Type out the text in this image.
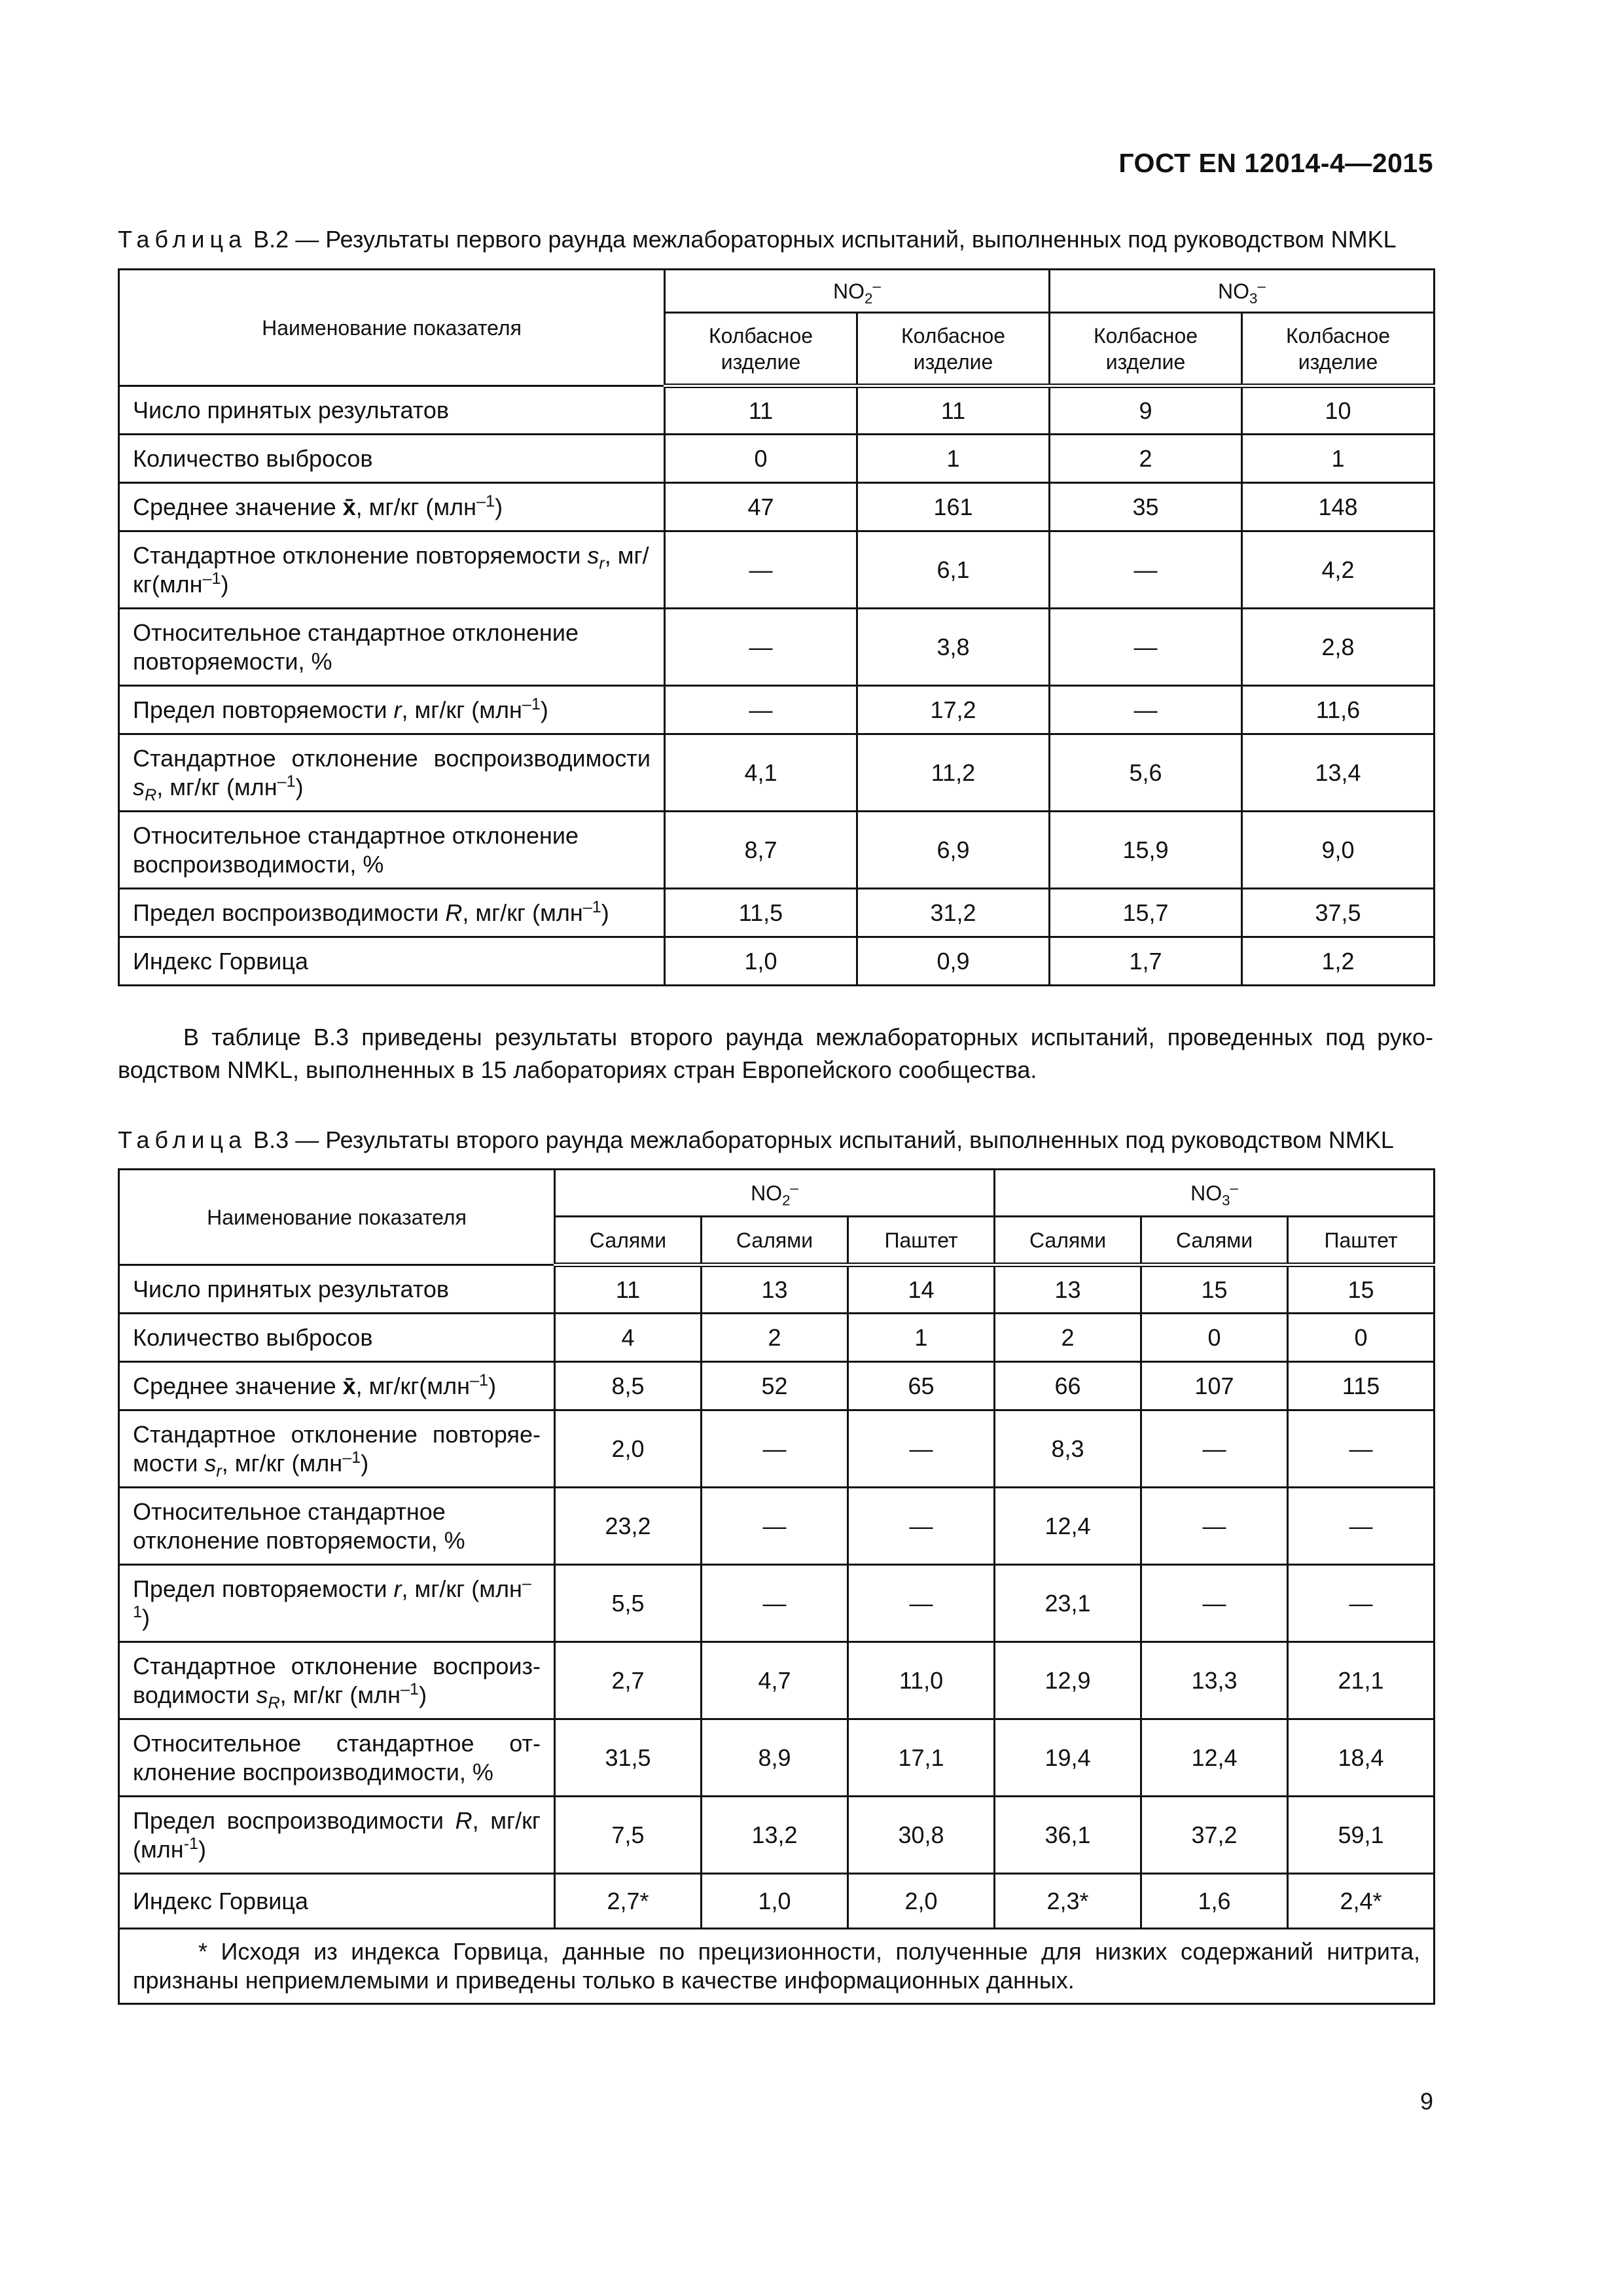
ГОСТ EN 12014-4—2015
Таблица В.2 — Результаты первого раунда межлабораторных испытаний, выполненных под руководством NMKL
Наименование показателя	$NO_2^-$		$NO_3^-$
	Колбасное изделие	Колбасное изделие	Колбасное изделие	Колбасное изделие
Число принятых результатов	11	11	9	10
Количество выбросов	0	1	2	1
Среднее значение x̄, мг/кг (млн$^{-1}$)	47	161	35	148
Стандартное отклонение повторяемости $s_r$, мг/кг(млн$^{-1}$)	—	6,1	—	4,2
Относительное стандартное отклонение повторяемости, %	—	3,8	—	2,8
Предел повторяемости r, мг/кг (млн$^{-1}$)	—	17,2	—	11,6
Стандартное отклонение воспроизводимости $s_R$, мг/кг (млн$^{-1}$)	4,1	11,2	5,6	13,4
Относительное стандартное отклонение воспроизводимости, %	8,7	6,9	15,9	9,0
Предел воспроизводимости R, мг/кг (млн$^{-1}$)	11,5	31,2	15,7	37,5
Индекс Горвица	1,0	0,9	1,7	1,2
В таблице В.3 приведены результаты второго раунда межлабораторных испытаний, проведенных под руководством NMKL, выполненных в 15 лабораториях стран Европейского сообщества.
Таблица В.3 — Результаты второго раунда межлабораторных испытаний, выполненных под руководством NMKL
Наименование показателя	$NO_2^-$			$NO_3^-$
	Салями	Салями	Паштет	Салями	Салями	Паштет
Число принятых результатов	11	13	14	13	15	15
Количество выбросов	4	2	1	2	0	0
Среднее значение x̄, мг/кг(млн$^{-1}$)	8,5	52	65	66	107	115
Стандартное отклонение повторяемости $s_r$, мг/кг (млн$^{-1}$)	2,0	—	—	8,3	—	—
Относительное стандартное отклонение повторяемости, %	23,2	—	—	12,4	—	—
Предел повторяемости r, мг/кг (млн$^{-1}$)	5,5	—	—	23,1	—	—
Стандартное отклонение воспроизводимости $s_R$, мг/кг (млн$^{-1}$)	2,7	4,7	11,0	12,9	13,3	21,1
Относительное стандартное отклонение воспроизводимости, %	31,5	8,9	17,1	19,4	12,4	18,4
Предел воспроизводимости R, мг/кг (млн$^{-1}$)	7,5	13,2	30,8	36,1	37,2	59,1
Индекс Горвица	2,7*	1,0	2,0	2,3*	1,6	2,4*
* Исходя из индекса Горвица, данные по прецизионности, полученные для низких содержаний нитрита, признаны неприемлемыми и приведены только в качестве информационных данных.						
9
